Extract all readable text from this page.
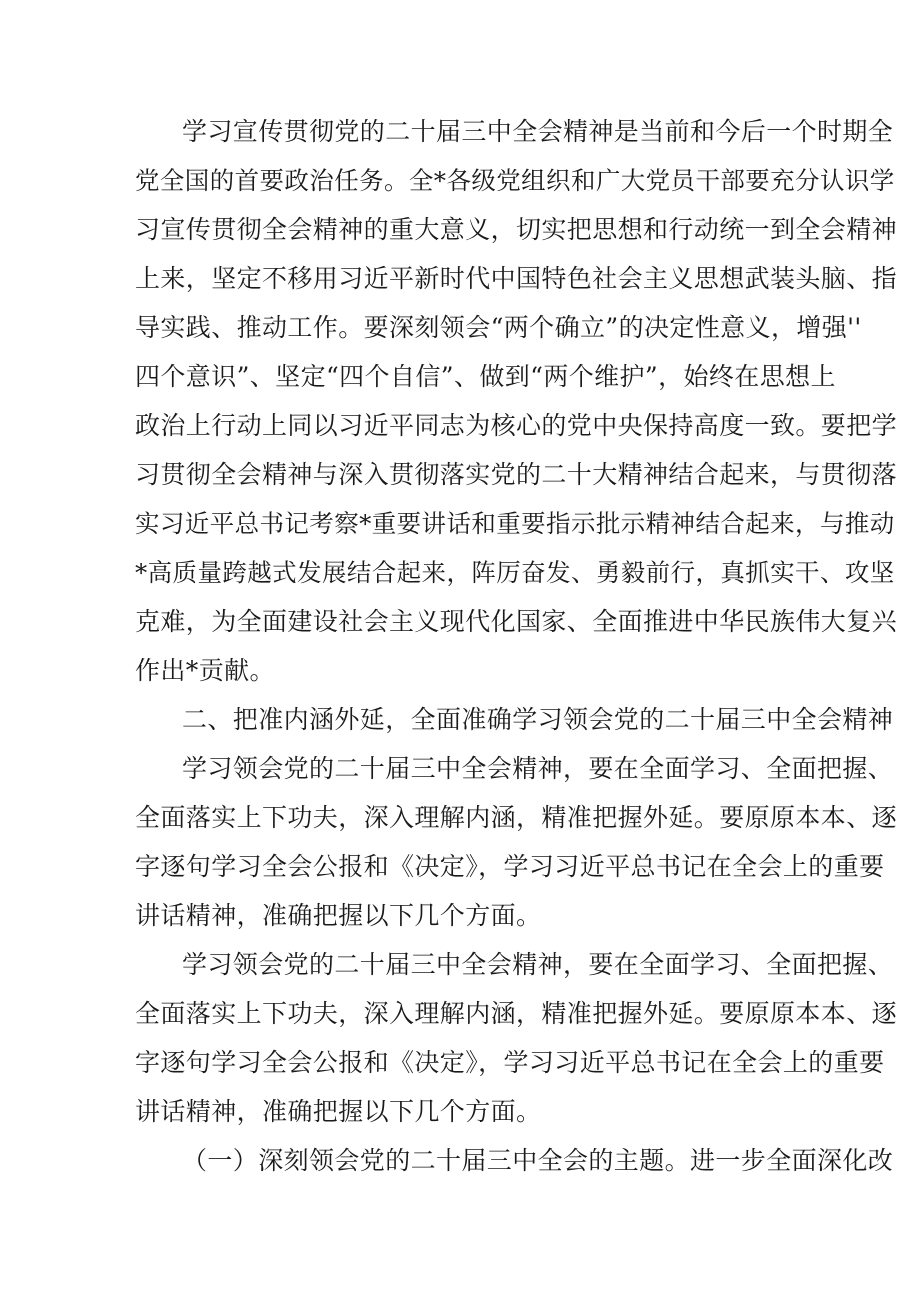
学习宣传贯彻党的二十届三中全会精神是当前和今后一个时期全

党全国的首要政治任务。全*各级党组织和广大党员干部要充分认识学

习宣传贯彻全会精神的重大意义，切实把思想和行动统一到全会精神

上来，坚定不移用习近平新时代中国特色社会主义思想武装头脑、指

导实践、推动工作。要深刻领会“两个确立”的决定性意义，增强''

四个意识”、坚定“四个自信”、做到“两个维护”，始终在思想上

政治上行动上同以习近平同志为核心的党中央保持高度一致。要把学

习贯彻全会精神与深入贯彻落实党的二十大精神结合起来，与贯彻落

实习近平总书记考察*重要讲话和重要指示批示精神结合起来，与推动

*高质量跨越式发展结合起来，阵厉奋发、勇毅前行，真抓实干、攻坚

克难，为全面建设社会主义现代化国家、全面推进中华民族伟大复兴

作出*贡献。

二、把准内涵外延，全面准确学习领会党的二十届三中全会精神

学习领会党的二十届三中全会精神，要在全面学习、全面把握、

全面落实上下功夫，深入理解内涵，精准把握外延。要原原本本、逐

字逐句学习全会公报和《决定》，学习习近平总书记在全会上的重要

讲话精神，准确把握以下几个方面。

学习领会党的二十届三中全会精神，要在全面学习、全面把握、

全面落实上下功夫，深入理解内涵，精准把握外延。要原原本本、逐

字逐句学习全会公报和《决定》，学习习近平总书记在全会上的重要

讲话精神，准确把握以下几个方面。

（一）深刻领会党的二十届三中全会的主题。进一步全面深化改
